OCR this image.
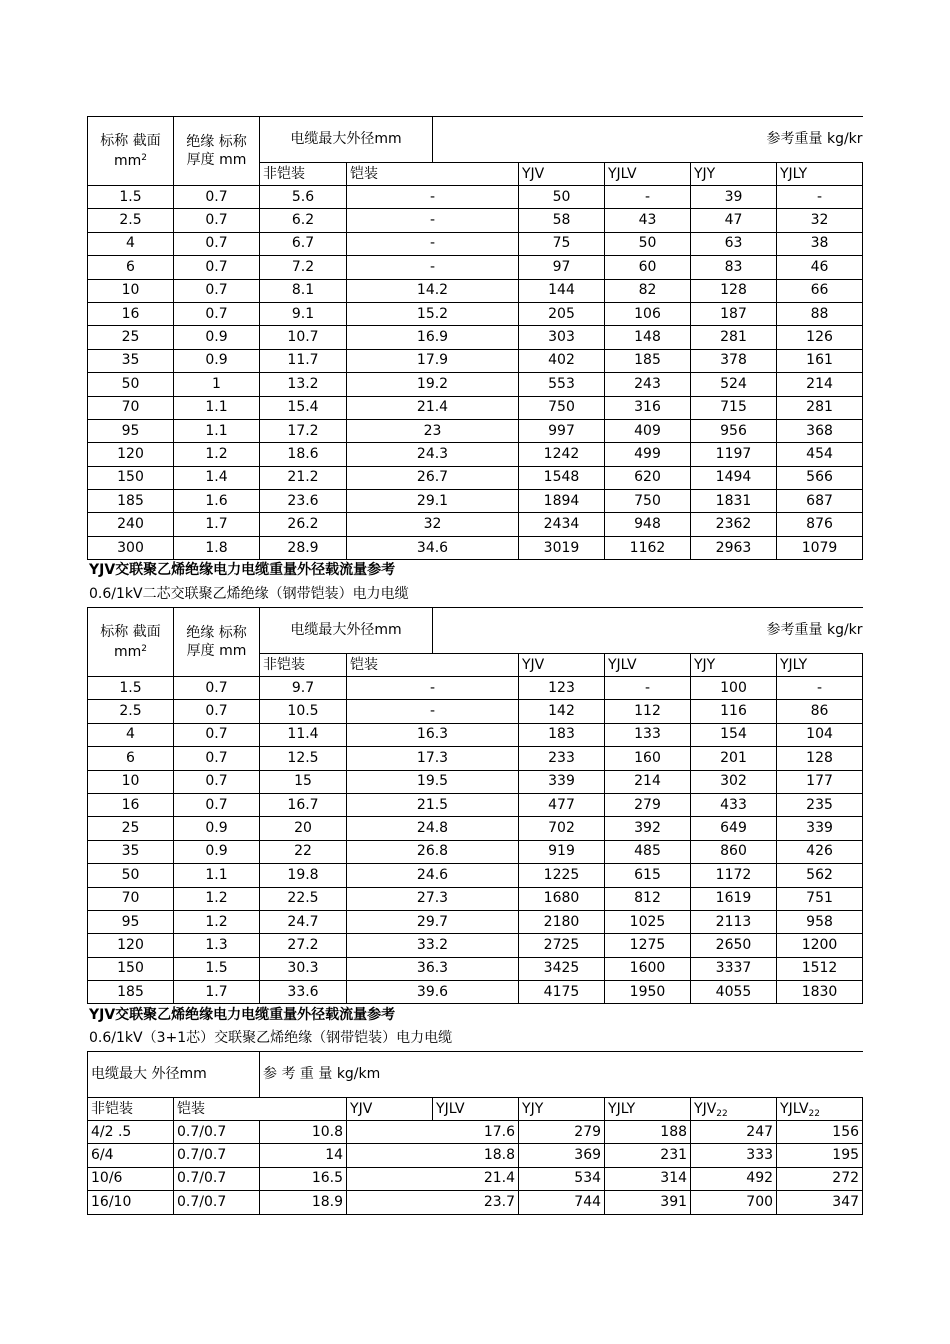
标称 截面
$mm^2$	绝缘 标称
厚度 mm	电缆最大外径mm		参考重量 kg/kr				
		非铠装	铠装		YJV	YJLV	YJY	YJLY
1.5	0.7	5.6	-		50	-	39	-
2.5	0.7	6.2	-		58	43	47	32
4	0.7	6.7	-		75	50	63	38
6	0.7	7.2	-		97	60	83	46
10	0.7	8.1	14.2		144	82	128	66
16	0.7	9.1	15.2		205	106	187	88
25	0.9	10.7	16.9		303	148	281	126
35	0.9	11.7	17.9		402	185	378	161
50	1	13.2	19.2		553	243	524	214
70	1.1	15.4	21.4		750	316	715	281
95	1.1	17.2	23		997	409	956	368
120	1.2	18.6	24.3		1242	499	1197	454
150	1.4	21.2	26.7		1548	620	1494	566
185	1.6	23.6	29.1		1894	750	1831	687
240	1.7	26.2	32		2434	948	2362	876
300	1.8	28.9	34.6		3019	1162	2963	1079
YJV交联聚乙烯绝缘电力电缆重量外径载流量参考
0.6/1kV二芯交联聚乙烯绝缘（钢带铠装）电力电缆
标称 截面
$mm^2$	绝缘 标称
厚度 mm	电缆最大外径mm		参考重量 kg/kr				
		非铠装	铠装		YJV	YJLV	YJY	YJLY
1.5	0.7	9.7	-		123	-	100	-
2.5	0.7	10.5	-		142	112	116	86
4	0.7	11.4	16.3		183	133	154	104
6	0.7	12.5	17.3		233	160	201	128
10	0.7	15	19.5		339	214	302	177
16	0.7	16.7	21.5		477	279	433	235
25	0.9	20	24.8		702	392	649	339
35	0.9	22	26.8		919	485	860	426
50	1.1	19.8	24.6		1225	615	1172	562
70	1.2	22.5	27.3		1680	812	1619	751
95	1.2	24.7	29.7		2180	1025	2113	958
120	1.3	27.2	33.2		2725	1275	2650	1200
150	1.5	30.3	36.3		3425	1600	3337	1512
185	1.7	33.6	39.6		4175	1950	4055	1830
YJV交联聚乙烯绝缘电力电缆重量外径载流量参考
0.6/1kV（3+1芯）交联聚乙烯绝缘（钢带铠装）电力电缆
电缆最大 外径mm		参 考 重 量 kg/km						
非铠装	铠装		YJV	YJLV	YJY	YJLY	$YJV_{22}$	$YJLV_{22}$
4/2 .5	0.7/0.7	10.8	17.6		279	188	247	156
6/4	0.7/0.7	14	18.8		369	231	333	195
10/6	0.7/0.7	16.5	21.4		534	314	492	272
16/10	0.7/0.7	18.9	23.7		744	391	700	347
